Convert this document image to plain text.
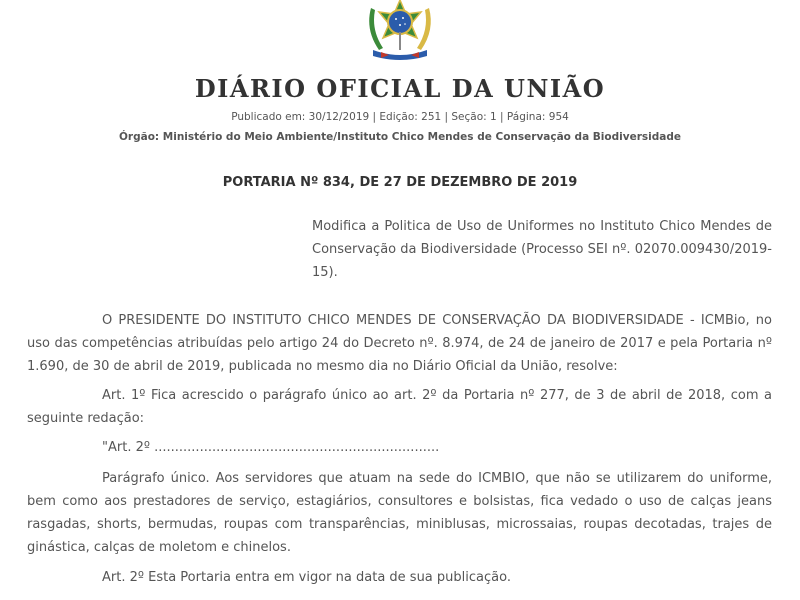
DIÁRIO OFICIAL DA UNIÃO
Publicado em: 30/12/2019 | Edição: 251 | Seção: 1 | Página: 954
Órgão: Ministério do Meio Ambiente/Instituto Chico Mendes de Conservação da Biodiversidade
PORTARIA Nº 834, DE 27 DE DEZEMBRO DE 2019
Modifica a Politica de Uso de Uniformes no Instituto Chico Mendes de Conservação da Biodiversidade (Processo SEI nº. 02070.009430/2019-15).
O PRESIDENTE DO INSTITUTO CHICO MENDES DE CONSERVAÇÃO DA BIODIVERSIDADE - ICMBio, no uso das competências atribuídas pelo artigo 24 do Decreto nº. 8.974, de 24 de janeiro de 2017 e pela Portaria nº 1.690, de 30 de abril de 2019, publicada no mesmo dia no Diário Oficial da União, resolve:
Art. 1º Fica acrescido o parágrafo único ao art. 2º da Portaria nº 277, de 3 de abril de 2018, com a seguinte redação:
"Art. 2º .....................................................................
Parágrafo único. Aos servidores que atuam na sede do ICMBIO, que não se utilizarem do uniforme, bem como aos prestadores de serviço, estagiários, consultores e bolsistas, fica vedado o uso de calças jeans rasgadas, shorts, bermudas, roupas com transparências, miniblusas, microssaias, roupas decotadas, trajes de ginástica, calças de moletom e chinelos.
Art. 2º Esta Portaria entra em vigor na data de sua publicação.
